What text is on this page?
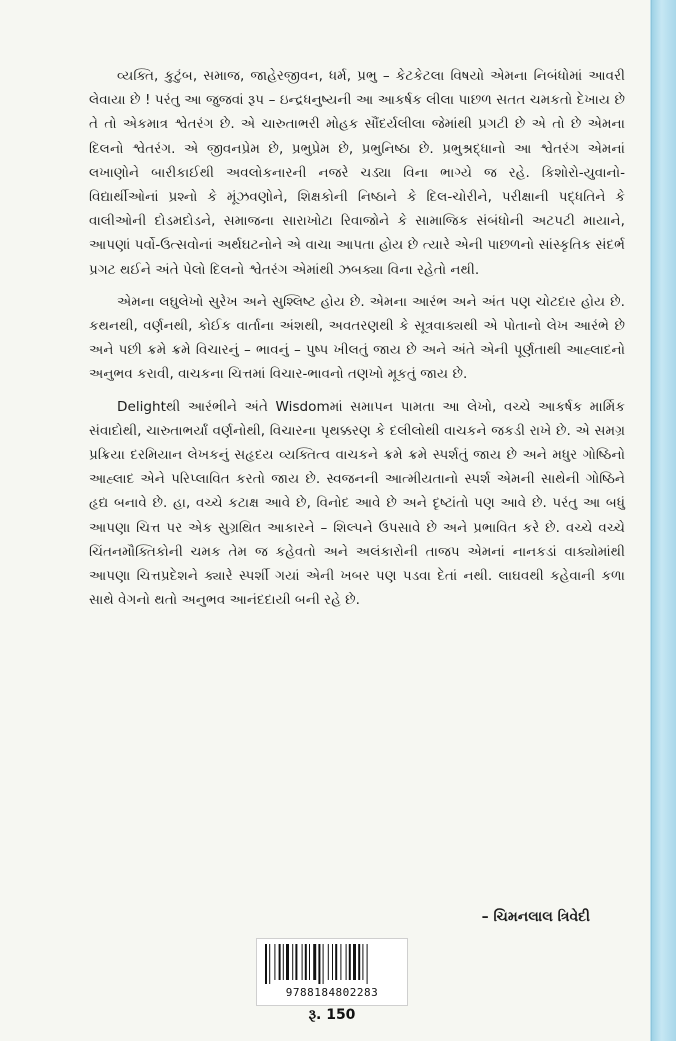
વ્યક્તિ, કુટુંબ, સમાજ, જાહેરજીવન, ધર્મ, પ્રભુ – કેટકેટલા વિષયો એમના નિબંધોમાં આવરી લેવાયા છે ! પરંતુ આ જુજવાં રૂપ – ઇન્દ્રધનુષ્યની આ આકર્ષક લીલા પાછળ સતત ચમકતો દેખાય છે તે તો એકમાત્ર શ્વેતરંગ છે. એ ચારુતાભરી મોહક સૌંદર્યલીલા જેમાંથી પ્રગટી છે એ તો છે એમના દિલનો શ્વેતરંગ. એ જીવનપ્રેમ છે, પ્રભુપ્રેમ છે, પ્રભુનિષ્ઠા છે. પ્રભુશ્રદ્ધાનો આ શ્વેતરંગ એમનાં લખાણોને બારીકાઈથી અવલોકનારની નજરે ચડ્યા વિના ભાગ્યે જ રહે. કિશોરો-યુવાનો-વિદ્યાર્થીઓનાં પ્રશ્નો કે મૂંઝવણોને, શિક્ષકોની નિષ્ઠાને કે દિલ-ચોરીને, પરીક્ષાની પદ્ધતિને કે વાલીઓની દોડમદોડને, સમાજના સારાખોટા રિવાજોને કે સામાજિક સંબંધોની અટપટી માયાને, આપણાં પર્વો-ઉત્સવોનાં અર્થઘટનોને એ વાચા આપતા હોય છે ત્યારે એની પાછળનો સાંસ્કૃતિક સંદર્ભ પ્રગટ થઈને અંતે પેલો દિલનો શ્વેતરંગ એમાંથી ઝબક્યા વિના રહેતો નથી.

એમના લઘુલેખો સુરેખ અને સુશ્લિષ્ટ હોય છે. એમના આરંભ અને અંત પણ ચોટદાર હોય છે. કથનથી, વર્ણનથી, કોઈક વાર્તાના અંશથી, અવતરણથી કે સૂત્રવાક્યથી એ પોતાનો લેખ આરંભે છે અને પછી ક્રમે ક્રમે વિચારનું – ભાવનું – પુષ્પ ખીલતું જાય છે અને અંતે એની પૂર્ણતાથી આહ્લાદનો અનુભવ કરાવી, વાચકના ચિત્તમાં વિચાર-ભાવનો તણખો મૂકતું જાય છે.

Delightથી આરંભીને અંતે Wisdomમાં સમાપન પામતા આ લેખો, વચ્ચે આકર્ષક માર્મિક સંવાદોથી, ચારુતાભર્યાં વર્ણનોથી, વિચારના પૃથક્કરણ કે દલીલોથી વાચકને જકડી રાખે છે. એ સમગ્ર પ્રક્રિયા દરમિયાન લેખકનું સહૃદય વ્યક્તિત્વ વાચકને ક્રમે ક્રમે સ્પર્શતું જાય છે અને મધુર ગોષ્ઠિનો આહ્લાદ એને પરિપ્લાવિત કરતો જાય છે. સ્વજનની આત્મીયતાનો સ્પર્શ એમની સાથેની ગોષ્ઠિને હૃદ્ય બનાવે છે. હા, વચ્ચે કટાક્ષ આવે છે, વિનોદ આવે છે અને દૃષ્ટાંતો પણ આવે છે. પરંતુ આ બધું આપણા ચિત્ત પર એક સુગ્રથિત આકારને – શિલ્પને ઉપસાવે છે અને પ્રભાવિત કરે છે. વચ્ચે વચ્ચે ચિંતનમૌક્તિકોની ચમક તેમ જ કહેવતો અને અલંકારોની તાજપ એમનાં નાનકડાં વાક્યોમાંથી આપણા ચિત્તપ્રદેશને ક્યારે સ્પર્શી ગયાં એની ખબર પણ પડવા દેતાં નથી. લાઘવથી કહેવાની કળા સાથે વેગનો થતો અનુભવ આનંદદાયી બની રહે છે.

– ચિમનલાલ ત્રિવેદી
9788184802283
રૂ. 150
